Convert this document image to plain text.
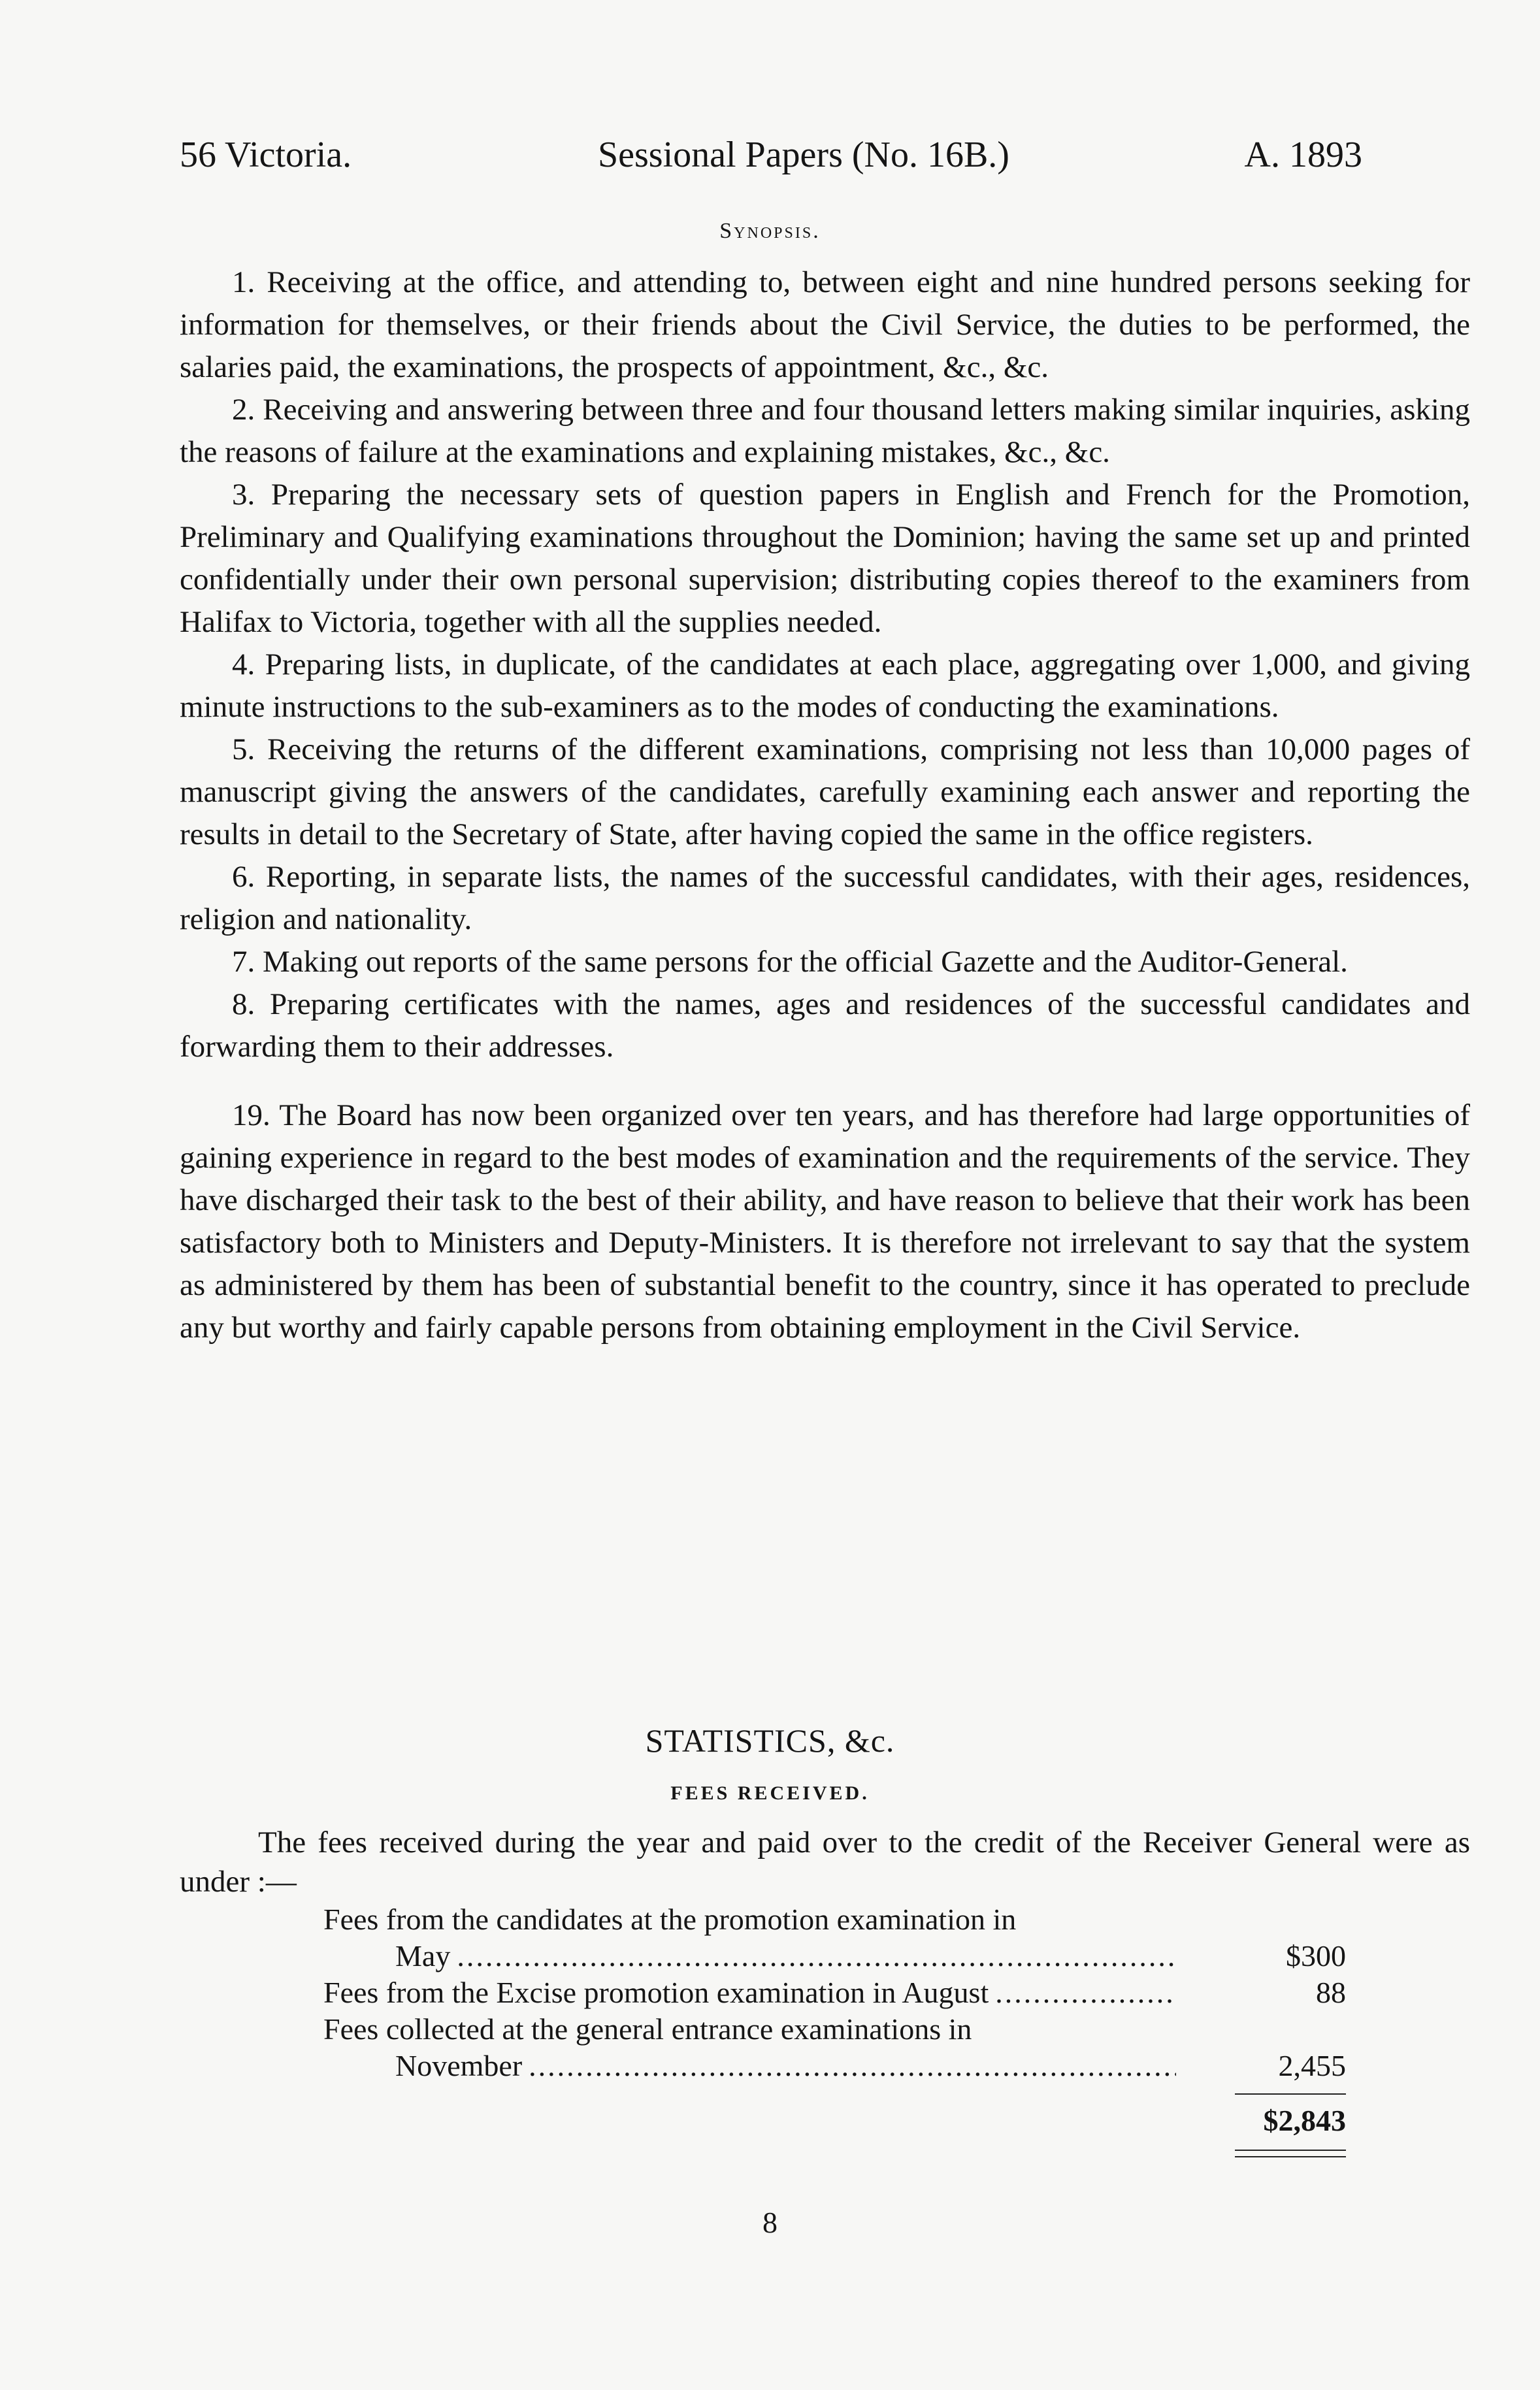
56 Victoria.	Sessional Papers (No. 16B.)	A. 1893
Synopsis.

1. Receiving at the office, and attending to, between eight and nine hundred persons seeking for information for themselves, or their friends about the Civil Service, the duties to be performed, the salaries paid, the examinations, the prospects of appointment, &c., &c.

2. Receiving and answering between three and four thousand letters making similar inquiries, asking the reasons of failure at the examinations and explaining mistakes, &c., &c.

3. Preparing the necessary sets of question papers in English and French for the Promotion, Preliminary and Qualifying examinations throughout the Dominion; having the same set up and printed confidentially under their own personal supervision; distributing copies thereof to the examiners from Halifax to Victoria, together with all the supplies needed.

4. Preparing lists, in duplicate, of the candidates at each place, aggregating over 1,000, and giving minute instructions to the sub-examiners as to the modes of conducting the examinations.

5. Receiving the returns of the different examinations, comprising not less than 10,000 pages of manuscript giving the answers of the candidates, carefully examining each answer and reporting the results in detail to the Secretary of State, after having copied the same in the office registers.

6. Reporting, in separate lists, the names of the successful candidates, with their ages, residences, religion and nationality.

7. Making out reports of the same persons for the official Gazette and the Auditor-General.

8. Preparing certificates with the names, ages and residences of the successful candidates and forwarding them to their addresses.

19. The Board has now been organized over ten years, and has therefore had large opportunities of gaining experience in regard to the best modes of examination and the requirements of the service. They have discharged their task to the best of their ability, and have reason to believe that their work has been satisfactory both to Ministers and Deputy-Ministers. It is therefore not irrelevant to say that the system as administered by them has been of substantial benefit to the country, since it has operated to preclude any but worthy and fairly capable persons from obtaining employment in the Civil Service.

STATISTICS, &c.
FEES RECEIVED.
The fees received during the year and paid over to the credit of the Receiver General were as under :—
Fees from the candidates at the promotion examination in
May .....	$300
Fees from the Excise promotion examination in August .....	88
Fees collected at the general entrance examinations in
November .....	2,455
$2,843
8
